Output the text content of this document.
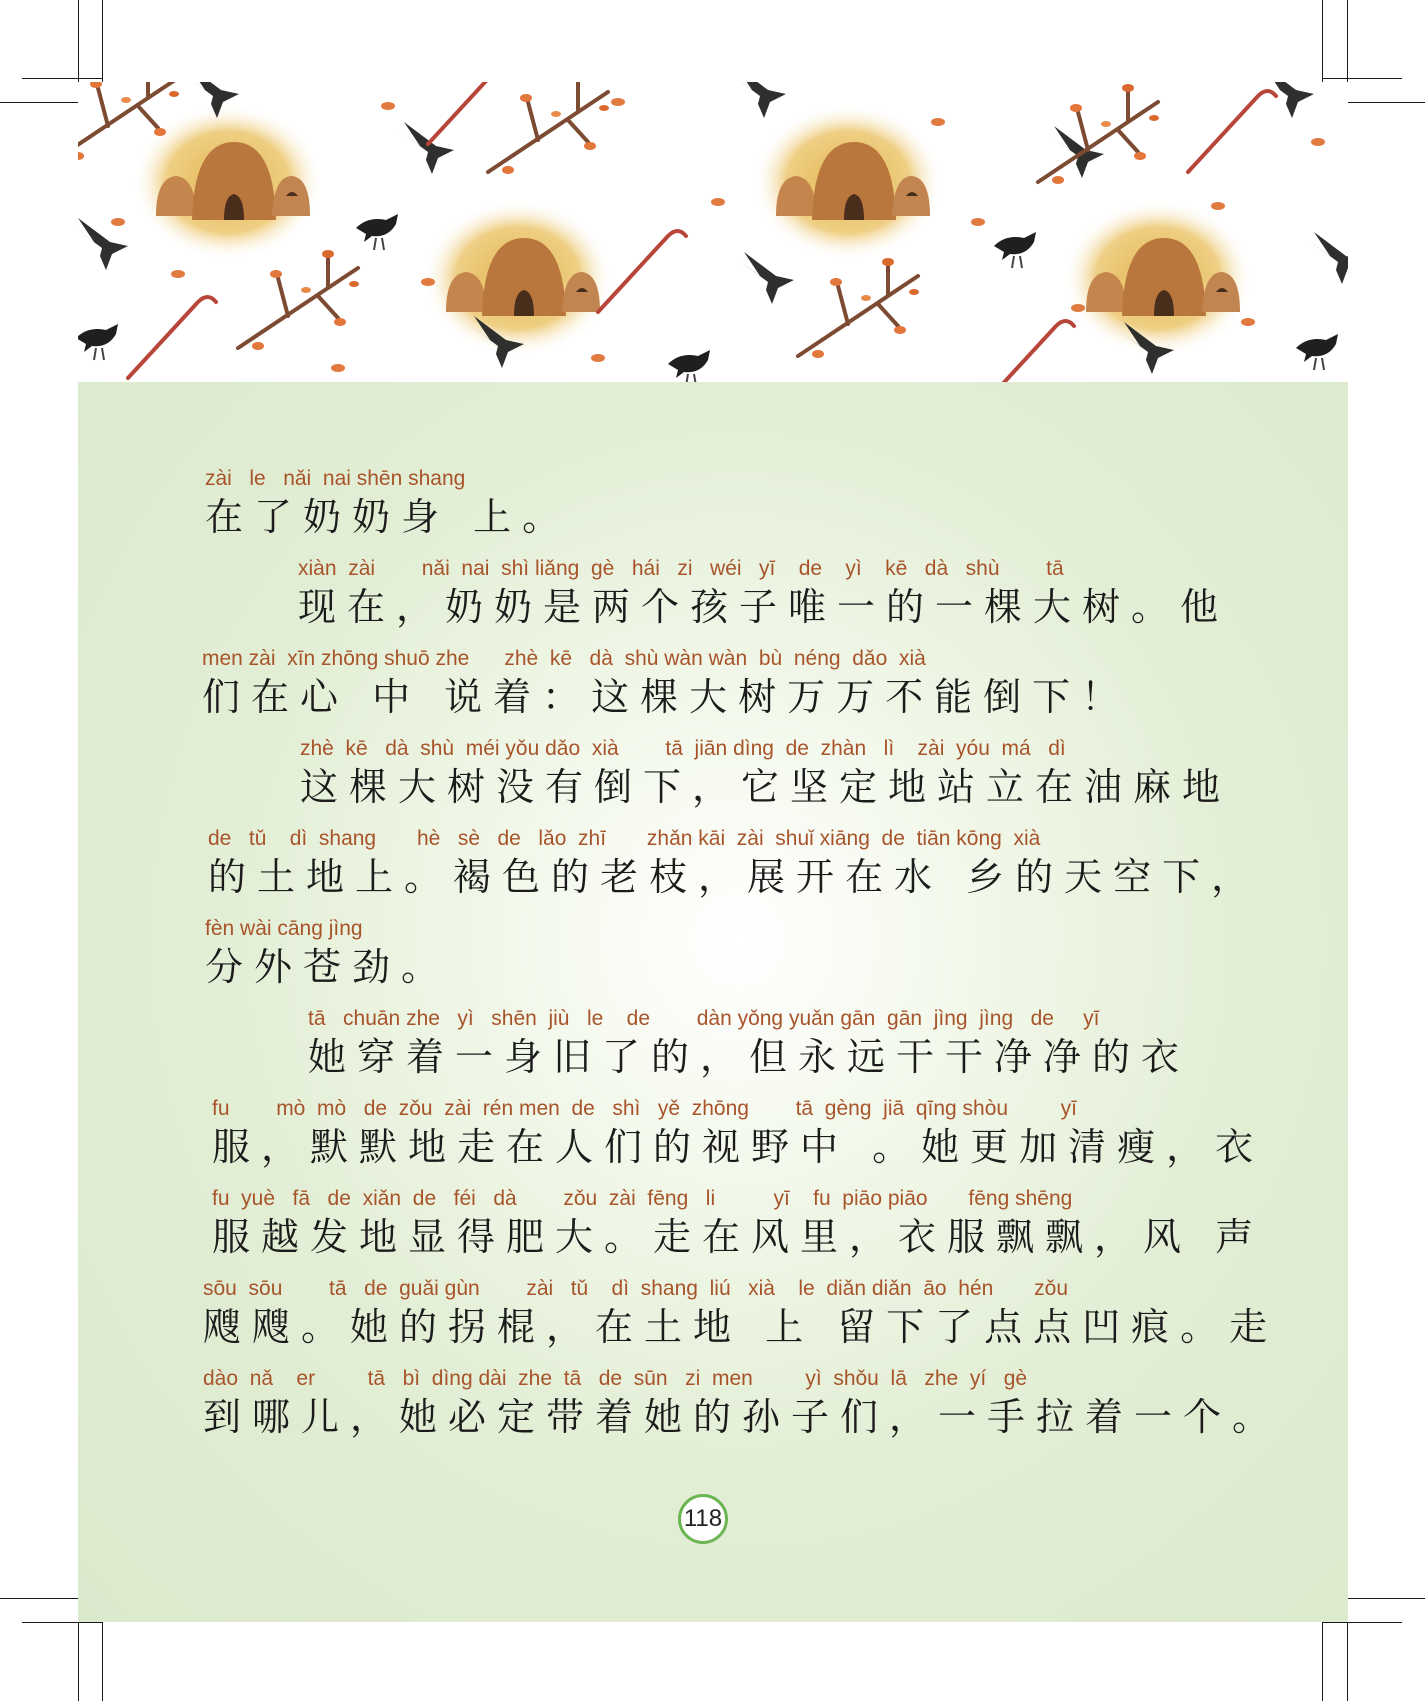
zài   le   nǎi  nai shēn shang
在了奶奶身 上。
xiàn  zài        nǎi  nai  shì liǎng  gè   hái   zi   wéi   yī    de    yì    kē   dà   shù        tā
现在，奶奶是两个孩子唯一的一棵大树。他
men zài  xīn zhōng shuō zhe      zhè  kē   dà  shù wàn wàn  bù  néng  dǎo  xià
们在心 中 说着：这棵大树万万不能倒下！
zhè  kē   dà  shù  méi yǒu dǎo  xià        tā  jiān dìng  de  zhàn   lì    zài  yóu  má   dì
这棵大树没有倒下，它坚定地站立在油麻地
de   tǔ    dì  shang       hè   sè   de   lǎo  zhī       zhǎn kāi  zài  shuǐ xiāng  de  tiān kōng  xià
的土地上。褐色的老枝，展开在水 乡的天空下，
fèn wài cāng jìng
分外苍劲。
tā   chuān zhe   yì   shēn  jiù   le    de        dàn yǒng yuǎn gān  gān  jìng  jìng   de     yī
她穿着一身旧了的，但永远干干净净的衣
fu        mò  mò   de  zǒu  zài  rén men  de   shì   yě  zhōng        tā  gèng  jiā  qīng shòu         yī
服，默默地走在人们的视野中 。她更加清瘦，衣
fu  yuè   fā   de  xiǎn  de   féi   dà        zǒu  zài  fēng   li          yī    fu  piāo piāo       fēng shēng
服越发地显得肥大。走在风里，衣服飘飘，风 声
sōu  sōu        tā   de  guǎi gùn        zài   tǔ    dì  shang  liú   xià    le  diǎn diǎn  āo  hén       zǒu
飕飕。她的拐棍，在土地 上 留下了点点凹痕。走
dào  nǎ    er         tā   bì  dìng dài  zhe  tā   de  sūn   zi  men         yì  shǒu  lā   zhe  yí   gè
到哪儿，她必定带着她的孙子们，一手拉着一个。
118
